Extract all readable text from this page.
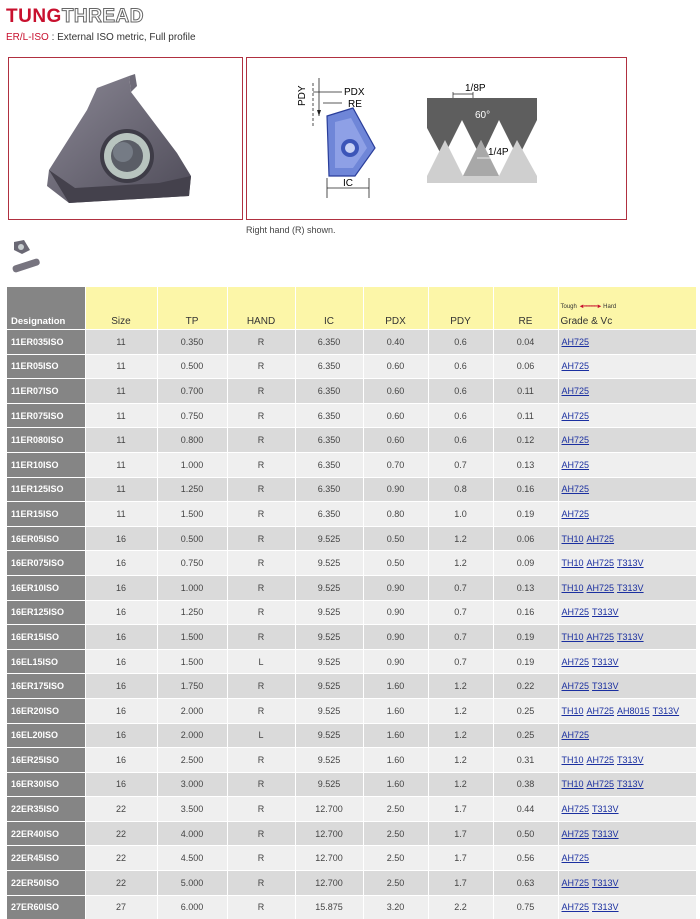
TUNGTHREAD
ER/L-ISO : External ISO metric, Full profile
PDY	PDX
RE
IC
1/8P
60°
1/4P
Right hand (R) shown.
Designation	Size	TP	HAND	IC	PDX	PDY	RE	Tough ◄━━━━━► Hard
Grade & Vc

11ER035ISO	11	0.350	R	6.350	0.40	0.6	0.04	AH725
11ER05ISO	11	0.500	R	6.350	0.60	0.6	0.06	AH725
11ER07ISO	11	0.700	R	6.350	0.60	0.6	0.11	AH725
11ER075ISO	11	0.750	R	6.350	0.60	0.6	0.11	AH725
11ER080ISO	11	0.800	R	6.350	0.60	0.6	0.12	AH725
11ER10ISO	11	1.000	R	6.350	0.70	0.7	0.13	AH725
11ER125ISO	11	1.250	R	6.350	0.90	0.8	0.16	AH725
11ER15ISO	11	1.500	R	6.350	0.80	1.0	0.19	AH725
16ER05ISO	16	0.500	R	9.525	0.50	1.2	0.06	TH10 AH725
16ER075ISO	16	0.750	R	9.525	0.50	1.2	0.09	TH10 AH725 T313V
16ER10ISO	16	1.000	R	9.525	0.90	0.7	0.13	TH10 AH725 T313V
16ER125ISO	16	1.250	R	9.525	0.90	0.7	0.16	AH725 T313V
16ER15ISO	16	1.500	R	9.525	0.90	0.7	0.19	TH10 AH725 T313V
16EL15ISO	16	1.500	L	9.525	0.90	0.7	0.19	AH725 T313V
16ER175ISO	16	1.750	R	9.525	1.60	1.2	0.22	AH725 T313V
16ER20ISO	16	2.000	R	9.525	1.60	1.2	0.25	TH10 AH725 AH8015 T313V
16EL20ISO	16	2.000	L	9.525	1.60	1.2	0.25	AH725
16ER25ISO	16	2.500	R	9.525	1.60	1.2	0.31	TH10 AH725 T313V
16ER30ISO	16	3.000	R	9.525	1.60	1.2	0.38	TH10 AH725 T313V
22ER35ISO	22	3.500	R	12.700	2.50	1.7	0.44	AH725 T313V
22ER40ISO	22	4.000	R	12.700	2.50	1.7	0.50	AH725 T313V
22ER45ISO	22	4.500	R	12.700	2.50	1.7	0.56	AH725
22ER50ISO	22	5.000	R	12.700	2.50	1.7	0.63	AH725 T313V
27ER60ISO	27	6.000	R	15.875	3.20	2.2	0.75	AH725 T313V
